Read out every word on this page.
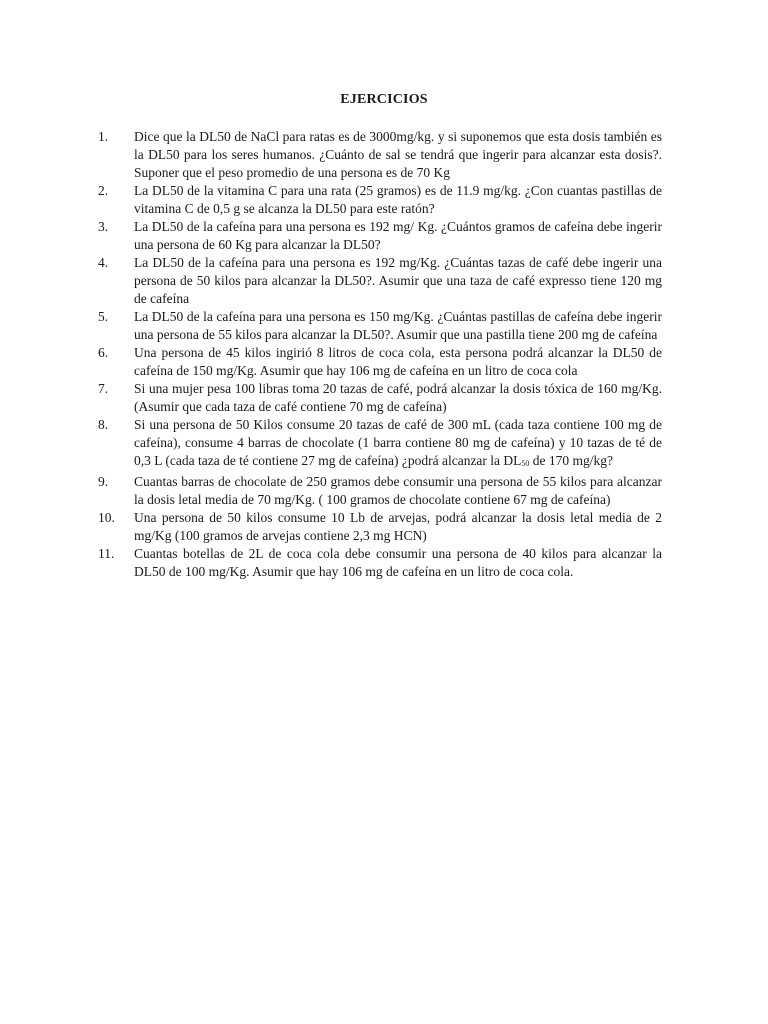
EJERCICIOS
1.	Dice que la DL50 de NaCl para ratas es de 3000mg/kg. y si suponemos que esta dosis también es la DL50 para los seres humanos. ¿Cuánto de sal se tendrá que ingerir para alcanzar esta dosis?. Suponer que el peso promedio de una persona es de 70 Kg
2.	La DL50 de la vitamina C para una rata (25 gramos) es de 11.9 mg/kg. ¿Con cuantas pastillas de vitamina C de 0,5 g se alcanza la DL50 para este ratón?
3.	La DL50 de la cafeína para una persona es 192 mg/ Kg. ¿Cuántos gramos de cafeína debe ingerir una persona de 60 Kg para alcanzar la DL50?
4.	La DL50 de la cafeína para una persona es 192 mg/Kg. ¿Cuántas tazas de café debe ingerir una persona de 50 kilos para alcanzar la DL50?. Asumir que una taza de café expresso tiene 120 mg de cafeína
5.	La DL50 de la cafeína para una persona es 150 mg/Kg. ¿Cuántas pastillas de cafeína debe ingerir una persona de 55 kilos para alcanzar la DL50?. Asumir que una pastilla tiene 200 mg de cafeína
6.	Una persona de 45 kilos ingirió 8 litros de coca cola, esta persona podrá alcanzar la DL50 de cafeína de 150 mg/Kg. Asumir que hay 106 mg de cafeína en un litro de coca cola
7.	Si una mujer pesa 100 libras toma 20 tazas de café, podrá alcanzar la dosis tóxica de 160 mg/Kg. (Asumir que cada taza de café contiene 70 mg de cafeína)
8.	Si una persona de 50 Kilos consume 20 tazas de café de 300 mL (cada taza contiene 100 mg de cafeína), consume 4 barras de chocolate (1 barra contiene 80 mg de cafeína) y 10 tazas de té de 0,3 L (cada taza de té contiene 27 mg de cafeína) ¿podrá alcanzar la $DL_{50}$ de 170 mg/kg?
9.	Cuantas barras de chocolate de 250 gramos debe consumir una persona de 55 kilos para alcanzar la dosis letal media de 70 mg/Kg. ( 100 gramos de chocolate contiene 67 mg de cafeína)
10.	Una persona de 50 kilos consume 10 Lb de arvejas, podrá alcanzar la dosis letal media de 2 mg/Kg (100 gramos de arvejas contiene 2,3 mg HCN)
11.	Cuantas botellas de 2L de coca cola debe consumir una persona de 40 kilos para alcanzar la DL50 de 100 mg/Kg. Asumir que hay 106 mg de cafeína en un litro de coca cola.
